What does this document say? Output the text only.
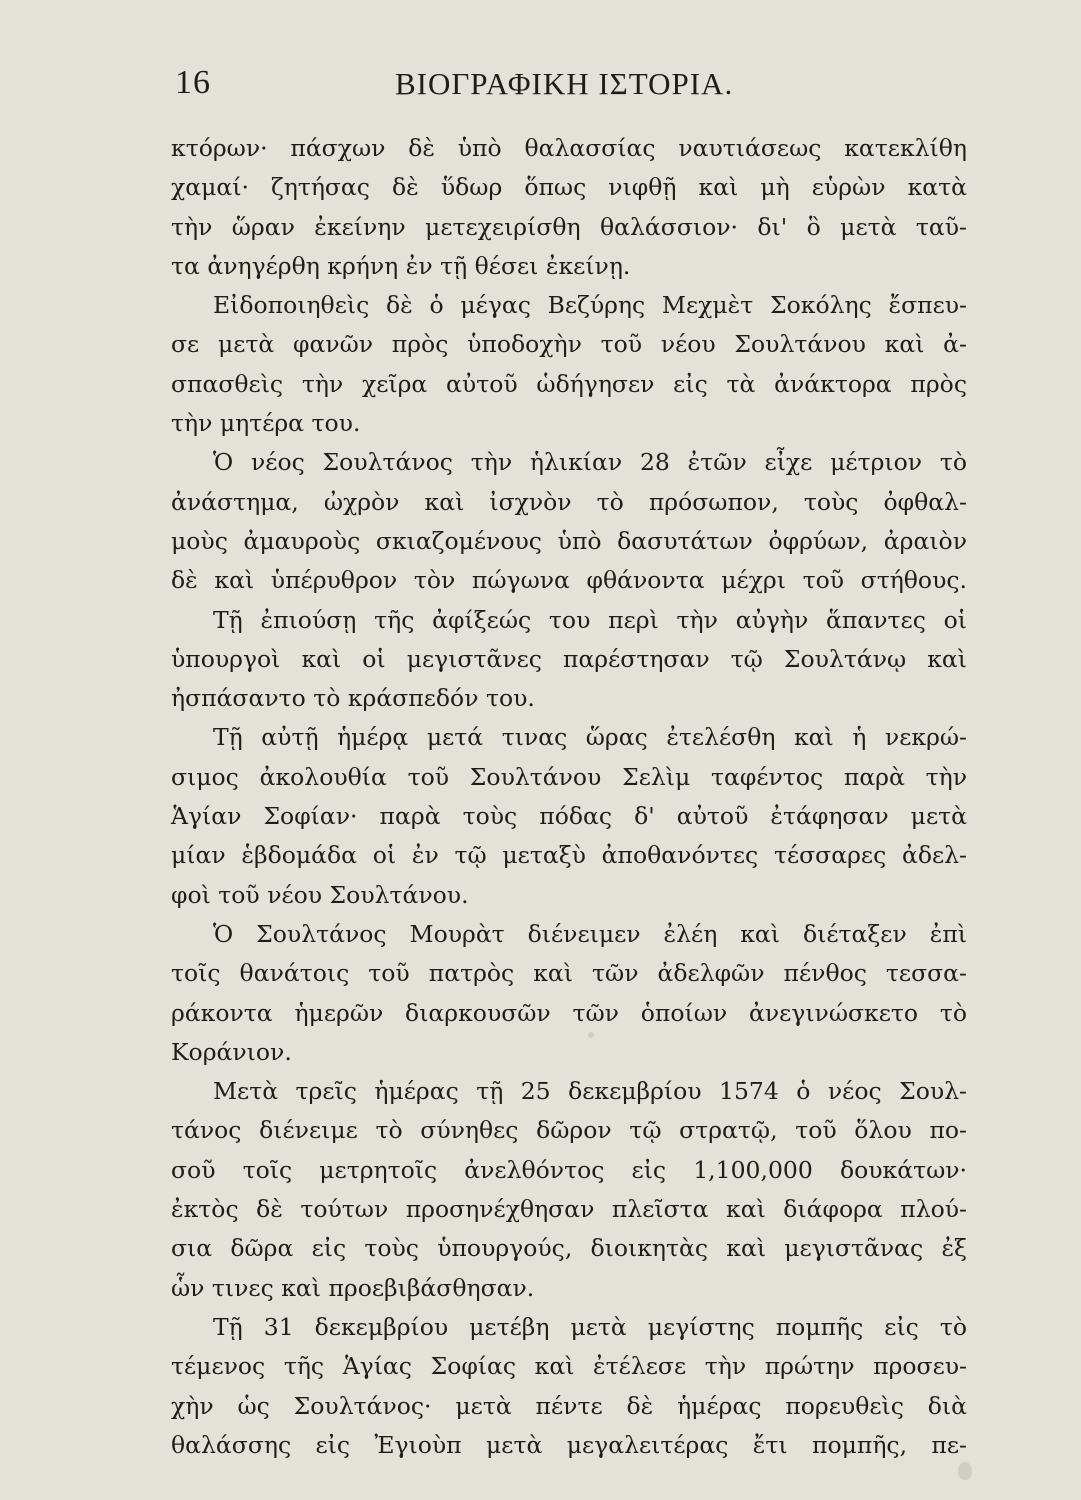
16	ΒΙΟΓΡΑΦΙΚΗ ΙΣΤΟΡΙΑ.
κτόρων· πάσχων δὲ ὑπὸ θαλασσίας ναυτιάσεως κατεκλίθη
χαμαί· ζητήσας δὲ ὕδωρ ὅπως νιφθῇ καὶ μὴ εὑρὼν κατὰ
τὴν ὥραν ἐκείνην μετεχειρίσθη θαλάσσιον· δι' ὃ μετὰ ταῦ-
τα ἀνηγέρθη κρήνη ἐν τῇ θέσει ἐκείνῃ.
Εἰδοποιηθεὶς δὲ ὁ μέγας Βεζύρης Μεχμὲτ Σοκόλης ἔσπευ-
σε μετὰ φανῶν πρὸς ὑποδοχὴν τοῦ νέου Σουλτάνου καὶ ἀ-
σπασθεὶς τὴν χεῖρα αὐτοῦ ὡδήγησεν εἰς τὰ ἀνάκτορα πρὸς
τὴν μητέρα του.
Ὁ νέος Σουλτάνος τὴν ἡλικίαν 28 ἐτῶν εἶχε μέτριον τὸ
ἀνάστημα, ὠχρὸν καὶ ἰσχνὸν τὸ πρόσωπον, τοὺς ὀφθαλ-
μοὺς ἀμαυροὺς σκιαζομένους ὑπὸ δασυτάτων ὀφρύων, ἀραιὸν
δὲ καὶ ὑπέρυθρον τὸν πώγωνα φθάνοντα μέχρι τοῦ στήθους.
Τῇ ἐπιούσῃ τῆς ἀφίξεώς του περὶ τὴν αὐγὴν ἅπαντες οἱ
ὑπουργοὶ καὶ οἱ μεγιστᾶνες παρέστησαν τῷ Σουλτάνῳ καὶ
ἠσπάσαντο τὸ κράσπεδόν του.
Τῇ αὐτῇ ἡμέρᾳ μετά τινας ὥρας ἐτελέσθη καὶ ἡ νεκρώ-
σιμος ἀκολουθία τοῦ Σουλτάνου Σελὶμ ταφέντος παρὰ τὴν
Ἁγίαν Σοφίαν· παρὰ τοὺς πόδας δ' αὐτοῦ ἐτάφησαν μετὰ
μίαν ἑβδομάδα οἱ ἐν τῷ μεταξὺ ἀποθανόντες τέσσαρες ἀδελ-
φοὶ τοῦ νέου Σουλτάνου.
Ὁ Σουλτάνος Μουρὰτ διένειμεν ἐλέη καὶ διέταξεν ἐπὶ
τοῖς θανάτοις τοῦ πατρὸς καὶ τῶν ἀδελφῶν πένθος τεσσα-
ράκοντα ἡμερῶν διαρκουσῶν τῶν ὁποίων ἀνεγινώσκετο τὸ
Κοράνιον.
Μετὰ τρεῖς ἡμέρας τῇ 25 δεκεμβρίου 1574 ὁ νέος Σουλ-
τάνος διένειμε τὸ σύνηθες δῶρον τῷ στρατῷ, τοῦ ὅλου πο-
σοῦ τοῖς μετρητοῖς ἀνελθόντος εἰς 1,100,000 δουκάτων·
ἐκτὸς δὲ τούτων προσηνέχθησαν πλεῖστα καὶ διάφορα πλού-
σια δῶρα εἰς τοὺς ὑπουργούς, διοικητὰς καὶ μεγιστᾶνας ἐξ
ὧν τινες καὶ προεβιβάσθησαν.
Τῇ 31 δεκεμβρίου μετέβη μετὰ μεγίστης πομπῆς εἰς τὸ
τέμενος τῆς Ἁγίας Σοφίας καὶ ἐτέλεσε τὴν πρώτην προσευ-
χὴν ὡς Σουλτάνος· μετὰ πέντε δὲ ἡμέρας πορευθεὶς διὰ
θαλάσσης εἰς Ἐγιοὺπ μετὰ μεγαλειτέρας ἔτι πομπῆς, πε-
